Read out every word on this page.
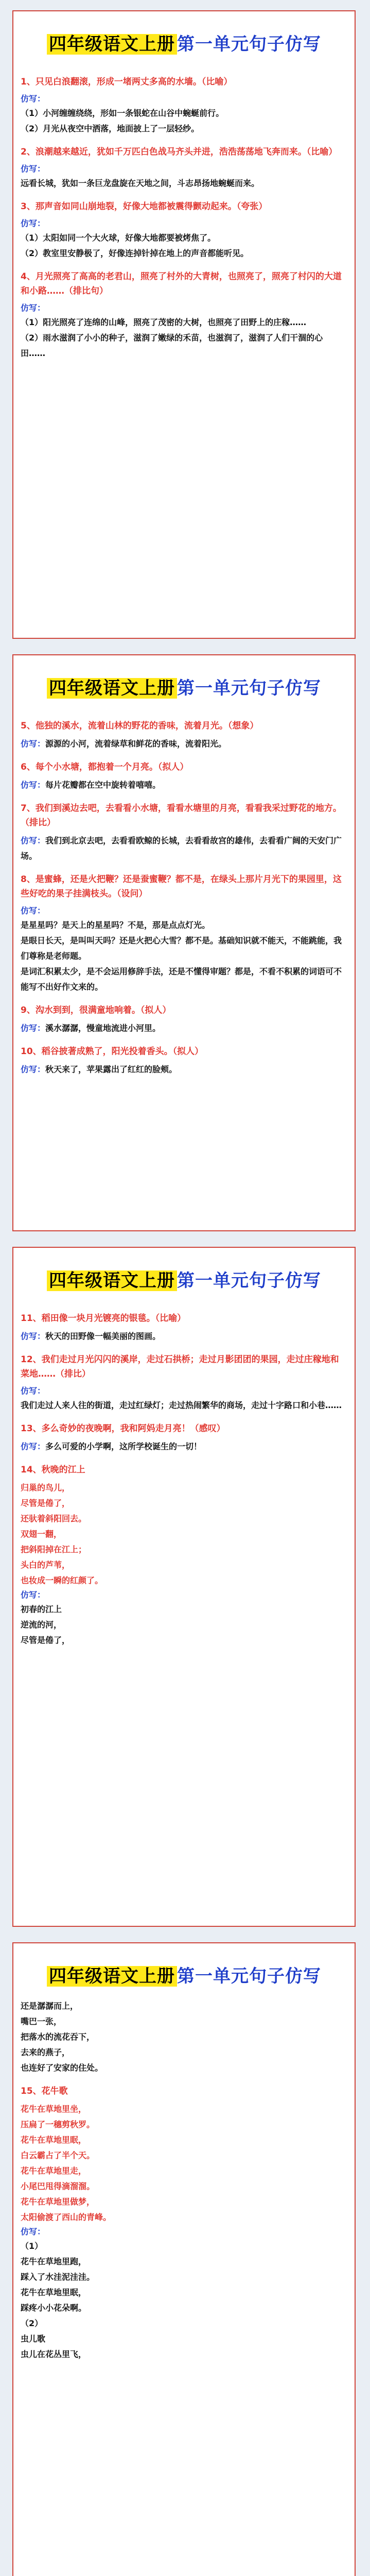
四年级语文上册 第一单元句子仿写
1、只见白浪翻滚，形成一堵两丈多高的水墙。（比喻）
仿写：
（1）小河缠缠绕绕，形如一条银蛇在山谷中蜿蜒前行。
（2）月光从夜空中洒落，地面披上了一层轻纱。
2、浪潮越来越近，犹如千万匹白色战马齐头并进，浩浩荡荡地飞奔而来。（比喻）
仿写：
远看长城，犹如一条巨龙盘旋在天地之间，斗志昂扬地蜿蜒而来。
3、那声音如同山崩地裂，好像大地都被震得颤动起来。（夸张）
仿写：
（1）太阳如同一个大火球，好像大地都要被烤焦了。
（2）教室里安静极了，好像连掉针掉在地上的声音都能听见。
4、月光照亮了高高的老君山，照亮了村外的大青树，也照亮了，照亮了村闪的大道和小路……（排比句）
仿写：
（1）阳光照亮了连绵的山峰，照亮了茂密的大树，也照亮了田野上的庄稼……
（2）雨水滋润了小小的种子，滋润了嫩绿的禾苗，也滋润了，滋润了人们干涸的心田……
四年级语文上册 第一单元句子仿写
5、他独的溪水，流着山林的野花的香味，流着月光。（想象）
仿写：源源的小河，流着绿草和鲜花的香味，流着阳光。
6、每个小水塘，都抱着一个月亮。（拟人）
仿写：每片花瓣都在空中旋转着嘻嘻。
7、我们到溪边去吧，去看看小水塘，看看水塘里的月亮，看看我采过野花的地方。（排比）
仿写：我们到北京去吧，去看看欧鲸的长城，去看看故宫的雄伟，去看看广阔的天安门广场。
8、是蜜蜂，还是火把鞭？还是蚕蜜鞭？都不是，在绿头上那片月光下的果园里，这些好吃的果子挂满枝头。（设问）
仿写：
是星星吗？是天上的星星吗？不是，那是点点灯光。
是眼日长天，是叫叫天吗？还是火把心大雪？都不是。基础知识就不能天，不能跳能，我们尊称是老师题。
是词汇积累太少，是不会运用修辞手法，还是不懂得审题？都是，不看不积累的词语可不能写不出好作文来的。
9、沟水到到，很满童地响着。（拟人）
仿写：溪水潺潺，慢童地流进小河里。
10、稻谷披著成熟了，阳光投着香头。（拟人）
仿写：秋天来了，苹果露出了红红的脸颊。
四年级语文上册 第一单元句子仿写
11、稻田像一块月光镀亮的银毯。（比喻）
仿写：秋天的田野像一幅美丽的图画。
12、我们走过月光闪闪的溪岸，走过石拱桥；走过月影团团的果园，走过庄稼地和菜地……（排比）
仿写：
我们走过人来人往的街道，走过红绿灯；走过热闹繁华的商场，走过十字路口和小巷……
13、多么奇妙的夜晚啊，我和阿妈走月亮！（感叹）
仿写：多么可爱的小学啊，这所学校诞生的一切！
14、秋晚的江上
归巢的鸟儿，
尽管是倦了，
还驮着斜阳回去。
双翅一翻，
把斜阳掉在江上；
头白的芦苇，
也妆成一瞬的红颜了。
仿写：
初春的江上
逆流的河，
尽管是倦了，
四年级语文上册 第一单元句子仿写
还是潺潺而上，
嘴巴一张，
把落水的流花吞下，
去来的燕子，
也连好了安家的住处。
15、花牛歌
花牛在草地里坐，
压扁了一穗剪秋罗。
花牛在草地里眠，
白云霸占了半个天。
花牛在草地里走，
小尾巴甩得滴溜溜。
花牛在草地里做梦，
太阳偷渡了西山的青峰。
仿写：
（1）
花牛在草地里跑，
踩入了水洼泥洼洼。
花牛在草地里眠，
踩疼小小花朵啊。
（2）
虫儿歌
虫儿在花丛里飞，
